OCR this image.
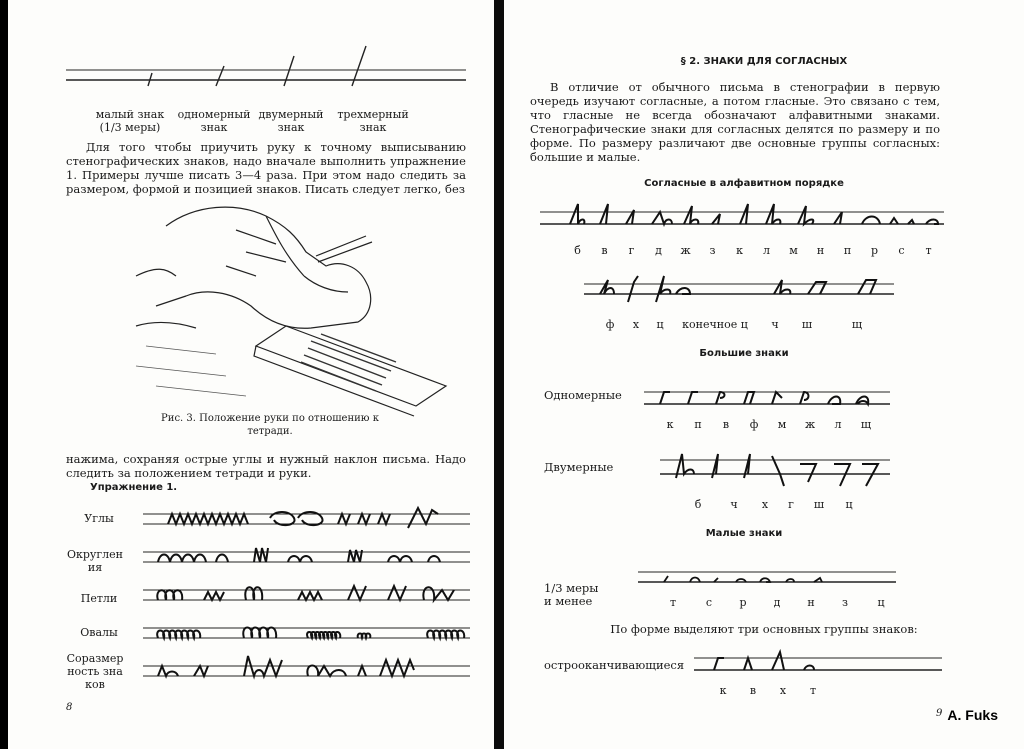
малый знак
(1/3 меры)
одномерный
знак
двумерный
знак
трехмерный
знак
Для того чтобы приучить руку к точному выписыванию стенографических знаков, надо вначале выполнить упражнение 1. Примеры лучше писать 3—4 раза. При этом надо следить за размером, формой и позицией знаков. Писать следует легко, без
Рис. 3. Положение руки по отношению к тетради.
нажима, сохраняя острые углы и нужный наклон письма. Надо следить за положением тетради и руки.
Упражнение 1.
Углы
Округления
Петли
Овалы
Соразмерность знаков
8
§ 2. ЗНАКИ ДЛЯ СОГЛАСНЫХ
В отличие от обычного письма в стенографии в первую очередь изучают согласные, а потом гласные. Это связано с тем, что гласные не всегда обозначают алфавитными знаками. Стенографические знаки для согласных делятся по размеру и по форме. По размеру различают две основные группы согласных: большие и малые.
Согласные в алфавитном порядке
б	в	г	д	ж	з	к	л	м	н	п	р	с	т
ф	х	ц	конечное ц	ч	ш	щ
Большие знаки
Одномерные
к	п	в	ф	м	ж	л	щ
Двумерные
б	ч	х	г	ш	ц
Малые знаки
1/3 меры
и менее	т	с	р	д	н	з	ц
По форме выделяют три основных группы знаков:
острооканчивающиеся
к	в	х	т
9 A. Fuks
